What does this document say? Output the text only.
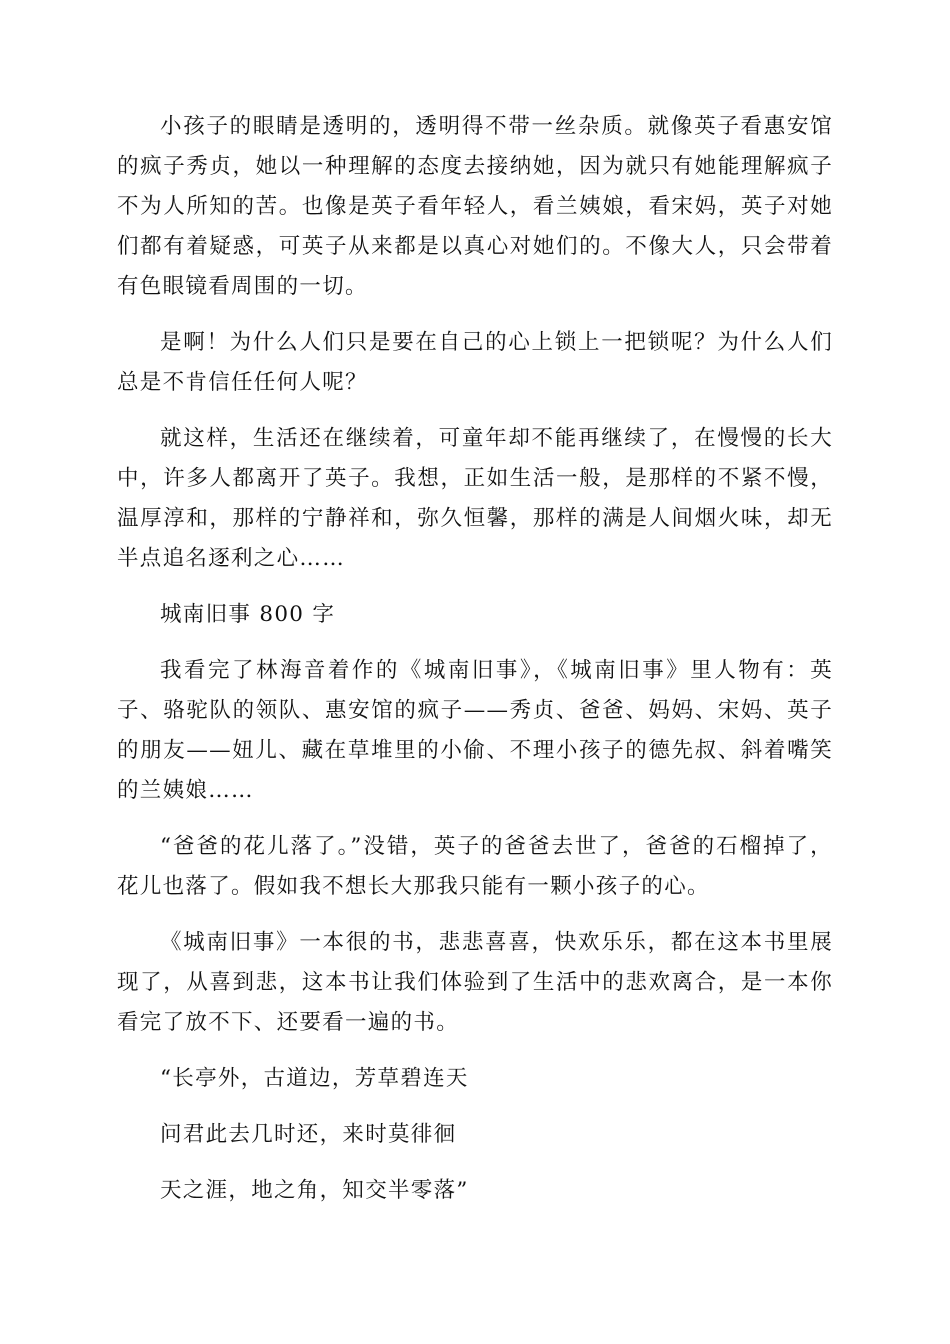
小孩子的眼睛是透明的，透明得不带一丝杂质。就像英子看惠安馆的疯子秀贞，她以一种理解的态度去接纳她，因为就只有她能理解疯子不为人所知的苦。也像是英子看年轻人，看兰姨娘，看宋妈，英子对她们都有着疑惑，可英子从来都是以真心对她们的。不像大人，只会带着有色眼镜看周围的一切。

是啊！为什么人们只是要在自己的心上锁上一把锁呢？为什么人们总是不肯信任任何人呢？

就这样，生活还在继续着，可童年却不能再继续了，在慢慢的长大中，许多人都离开了英子。我想，正如生活一般，是那样的不紧不慢，温厚淳和，那样的宁静祥和，弥久恒馨，那样的满是人间烟火味，却无半点追名逐利之心……

城南旧事 800 字

我看完了林海音着作的《城南旧事》，《城南旧事》里人物有：英子、骆驼队的领队、惠安馆的疯子——秀贞、爸爸、妈妈、宋妈、英子的朋友——妞儿、藏在草堆里的小偷、不理小孩子的德先叔、斜着嘴笑的兰姨娘……

“爸爸的花儿落了。”没错，英子的爸爸去世了，爸爸的石榴掉了，花儿也落了。假如我不想长大那我只能有一颗小孩子的心。

《城南旧事》一本很的书，悲悲喜喜，快欢乐乐，都在这本书里展现了，从喜到悲，这本书让我们体验到了生活中的悲欢离合，是一本你看完了放不下、还要看一遍的书。

“长亭外，古道边，芳草碧连天

问君此去几时还，来时莫徘徊

天之涯，地之角，知交半零落”
